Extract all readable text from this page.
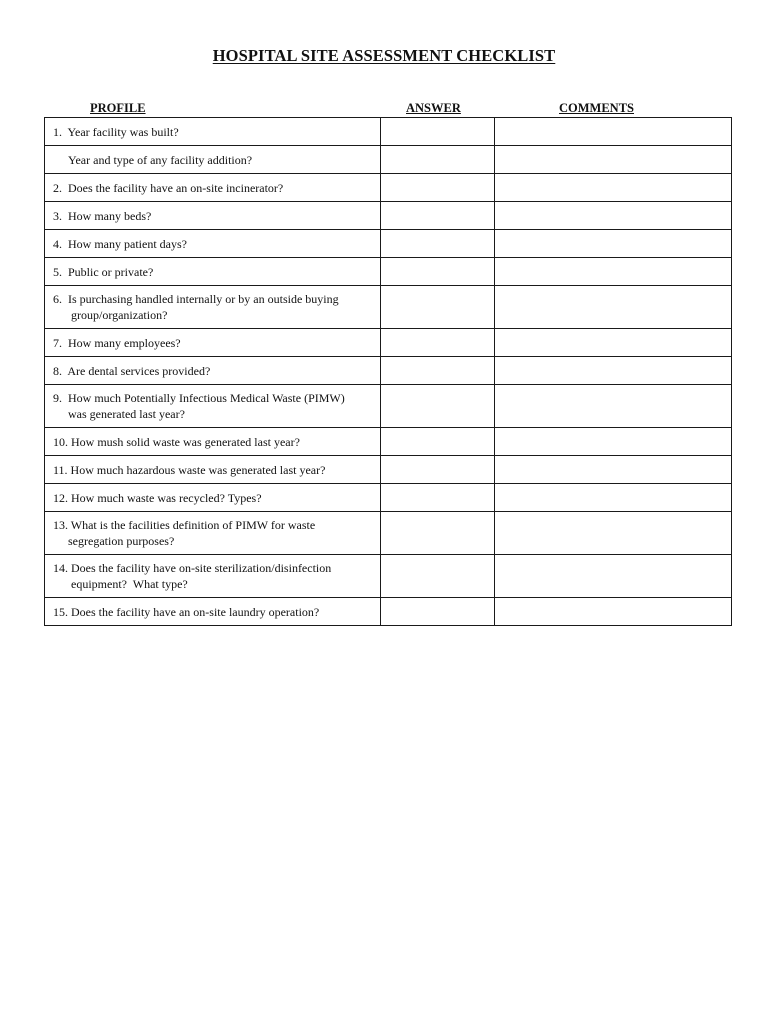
HOSPITAL SITE ASSESSMENT CHECKLIST
PROFILE	ANSWER	COMMENTS
1.  Year facility was built?		

Year and type of any facility addition?		

2.  Does the facility have an on-site incinerator?		

3.  How many beds?		

4.  How many patient days?		

5.  Public or private?		

6.  Is purchasing handled internally or by an outside buying
group/organization?		

7.  How many employees?		

8.  Are dental services provided?		

9.  How much Potentially Infectious Medical Waste (PIMW)
was generated last year?		

10. How mush solid waste was generated last year?		

11. How much hazardous waste was generated last year?		

12. How much waste was recycled? Types?		

13. What is the facilities definition of PIMW for waste
segregation purposes?		

14. Does the facility have on-site sterilization/disinfection
equipment?  What type?		

15. Does the facility have an on-site laundry operation?		
